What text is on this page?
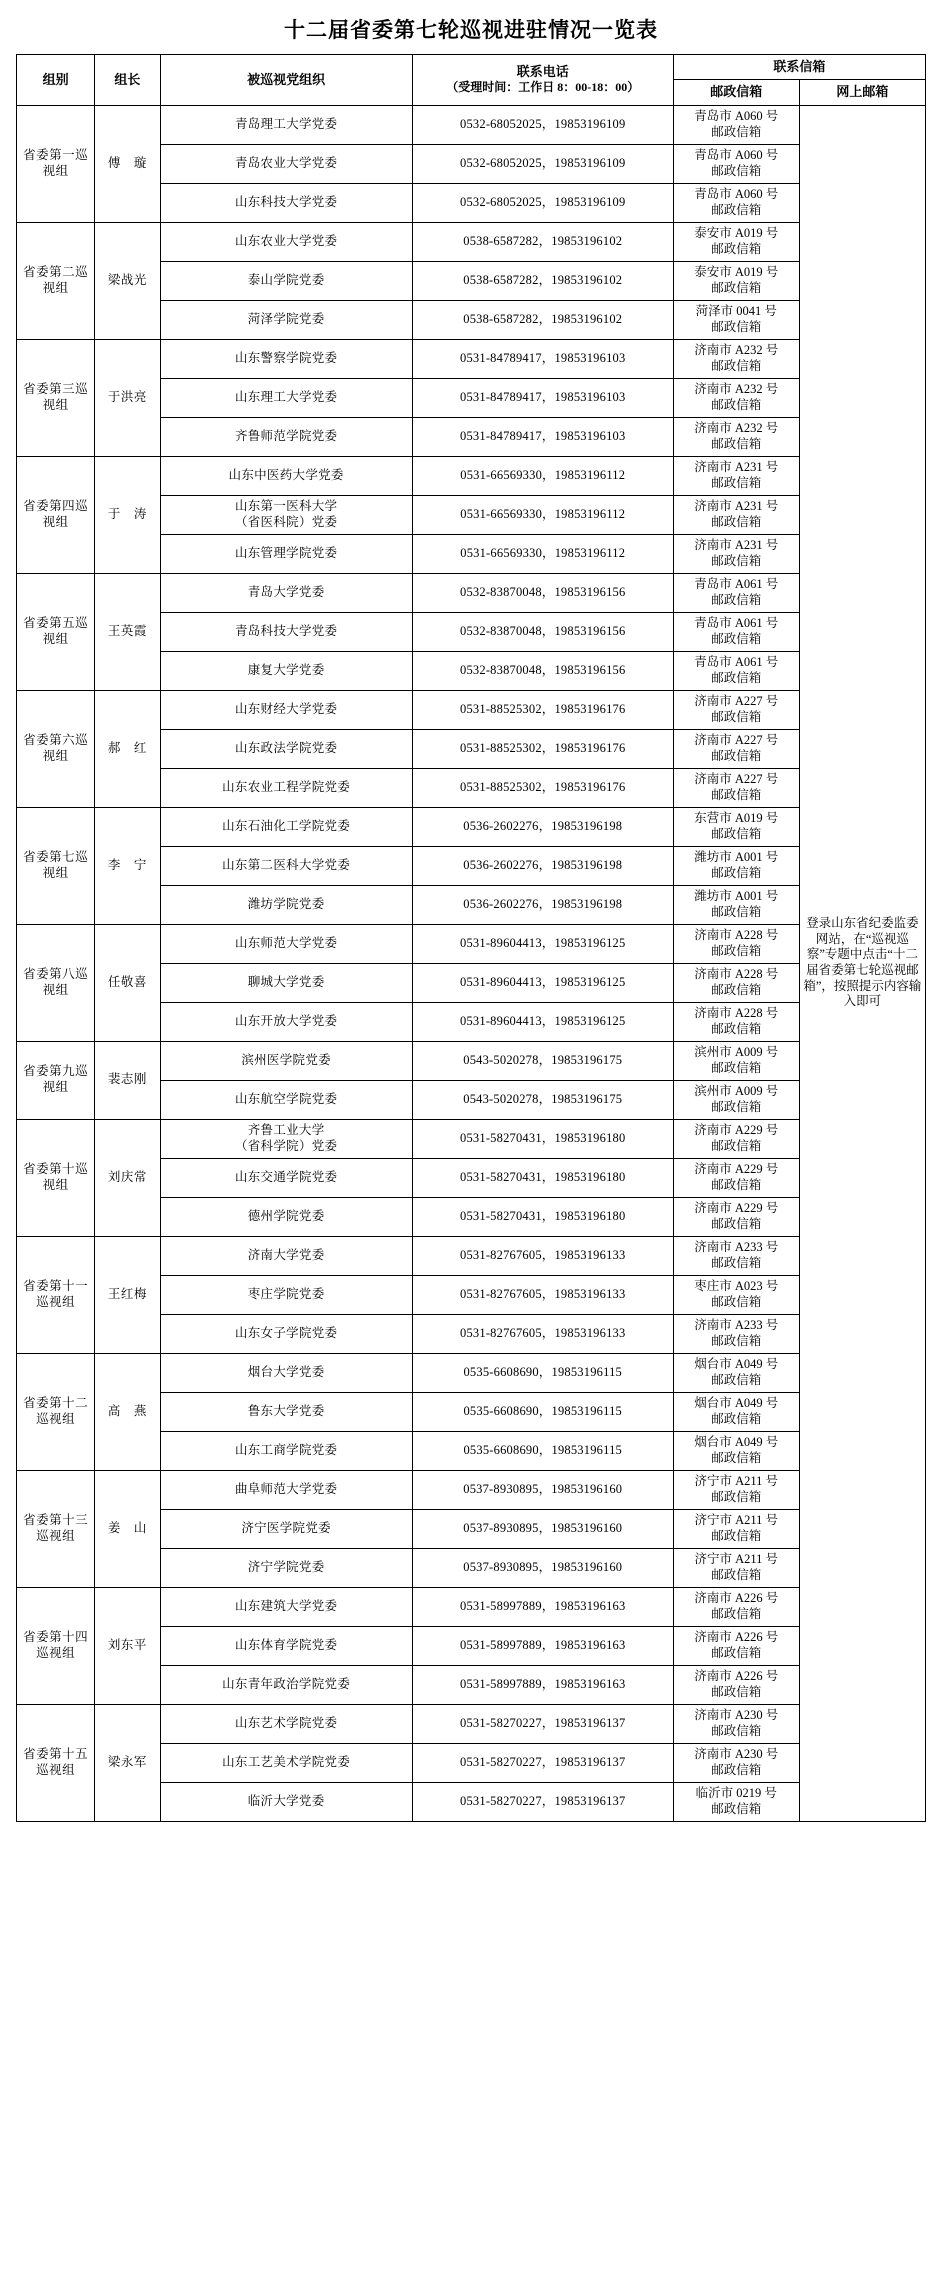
十二届省委第七轮巡视进驻情况一览表
组别	组长	被巡视党组织	联系电话
（受理时间：工作日 8：00-18：00）	联系信箱	
				邮政信箱	网上邮箱
省委第一巡视组	傅　璇	青岛理工大学党委	0532-68052025，19853196109	青岛市 A060 号
邮政信箱	登录山东省纪委监委网站，在“巡视巡察”专题中点击“十二届省委第七轮巡视邮箱”，按照提示内容输入即可
		青岛农业大学党委	0532-68052025，19853196109	青岛市 A060 号
邮政信箱	

		山东科技大学党委	0532-68052025，19853196109	青岛市 A060 号
邮政信箱	

省委第二巡视组	梁战光	山东农业大学党委	0538-6587282，19853196102	泰安市 A019 号
邮政信箱	

		泰山学院党委	0538-6587282，19853196102	泰安市 A019 号
邮政信箱	

		菏泽学院党委	0538-6587282，19853196102	菏泽市 0041 号
邮政信箱	

省委第三巡视组	于洪亮	山东警察学院党委	0531-84789417，19853196103	济南市 A232 号
邮政信箱	

		山东理工大学党委	0531-84789417，19853196103	济南市 A232 号
邮政信箱	

		齐鲁师范学院党委	0531-84789417，19853196103	济南市 A232 号
邮政信箱	

省委第四巡视组	于　涛	山东中医药大学党委	0531-66569330，19853196112	济南市 A231 号
邮政信箱	

		山东第一医科大学
（省医科院）党委	0531-66569330，19853196112	济南市 A231 号
邮政信箱	

		山东管理学院党委	0531-66569330，19853196112	济南市 A231 号
邮政信箱	

省委第五巡视组	王英霞	青岛大学党委	0532-83870048，19853196156	青岛市 A061 号
邮政信箱	

		青岛科技大学党委	0532-83870048，19853196156	青岛市 A061 号
邮政信箱	

		康复大学党委	0532-83870048，19853196156	青岛市 A061 号
邮政信箱	

省委第六巡视组	郝　红	山东财经大学党委	0531-88525302，19853196176	济南市 A227 号
邮政信箱	

		山东政法学院党委	0531-88525302，19853196176	济南市 A227 号
邮政信箱	

		山东农业工程学院党委	0531-88525302，19853196176	济南市 A227 号
邮政信箱	

省委第七巡视组	李　宁	山东石油化工学院党委	0536-2602276，19853196198	东营市 A019 号
邮政信箱	

		山东第二医科大学党委	0536-2602276，19853196198	潍坊市 A001 号
邮政信箱	

		潍坊学院党委	0536-2602276，19853196198	潍坊市 A001 号
邮政信箱	

省委第八巡视组	任敬喜	山东师范大学党委	0531-89604413，19853196125	济南市 A228 号
邮政信箱	

		聊城大学党委	0531-89604413，19853196125	济南市 A228 号
邮政信箱	

		山东开放大学党委	0531-89604413，19853196125	济南市 A228 号
邮政信箱	

省委第九巡视组	裴志刚	滨州医学院党委	0543-5020278，19853196175	滨州市 A009 号
邮政信箱	

		山东航空学院党委	0543-5020278，19853196175	滨州市 A009 号
邮政信箱	

省委第十巡视组	刘庆常	齐鲁工业大学
（省科学院）党委	0531-58270431，19853196180	济南市 A229 号
邮政信箱	

		山东交通学院党委	0531-58270431，19853196180	济南市 A229 号
邮政信箱	

		德州学院党委	0531-58270431，19853196180	济南市 A229 号
邮政信箱	

省委第十一巡视组	王红梅	济南大学党委	0531-82767605，19853196133	济南市 A233 号
邮政信箱	

		枣庄学院党委	0531-82767605，19853196133	枣庄市 A023 号
邮政信箱	

		山东女子学院党委	0531-82767605，19853196133	济南市 A233 号
邮政信箱	

省委第十二巡视组	高　燕	烟台大学党委	0535-6608690，19853196115	烟台市 A049 号
邮政信箱	

		鲁东大学党委	0535-6608690，19853196115	烟台市 A049 号
邮政信箱	

		山东工商学院党委	0535-6608690，19853196115	烟台市 A049 号
邮政信箱	

省委第十三巡视组	姜　山	曲阜师范大学党委	0537-8930895，19853196160	济宁市 A211 号
邮政信箱	

		济宁医学院党委	0537-8930895，19853196160	济宁市 A211 号
邮政信箱	

		济宁学院党委	0537-8930895，19853196160	济宁市 A211 号
邮政信箱	

省委第十四巡视组	刘东平	山东建筑大学党委	0531-58997889，19853196163	济南市 A226 号
邮政信箱	

		山东体育学院党委	0531-58997889，19853196163	济南市 A226 号
邮政信箱	

		山东青年政治学院党委	0531-58997889，19853196163	济南市 A226 号
邮政信箱	

省委第十五巡视组	梁永军	山东艺术学院党委	0531-58270227，19853196137	济南市 A230 号
邮政信箱	

		山东工艺美术学院党委	0531-58270227，19853196137	济南市 A230 号
邮政信箱	

		临沂大学党委	0531-58270227，19853196137	临沂市 0219 号
邮政信箱	
